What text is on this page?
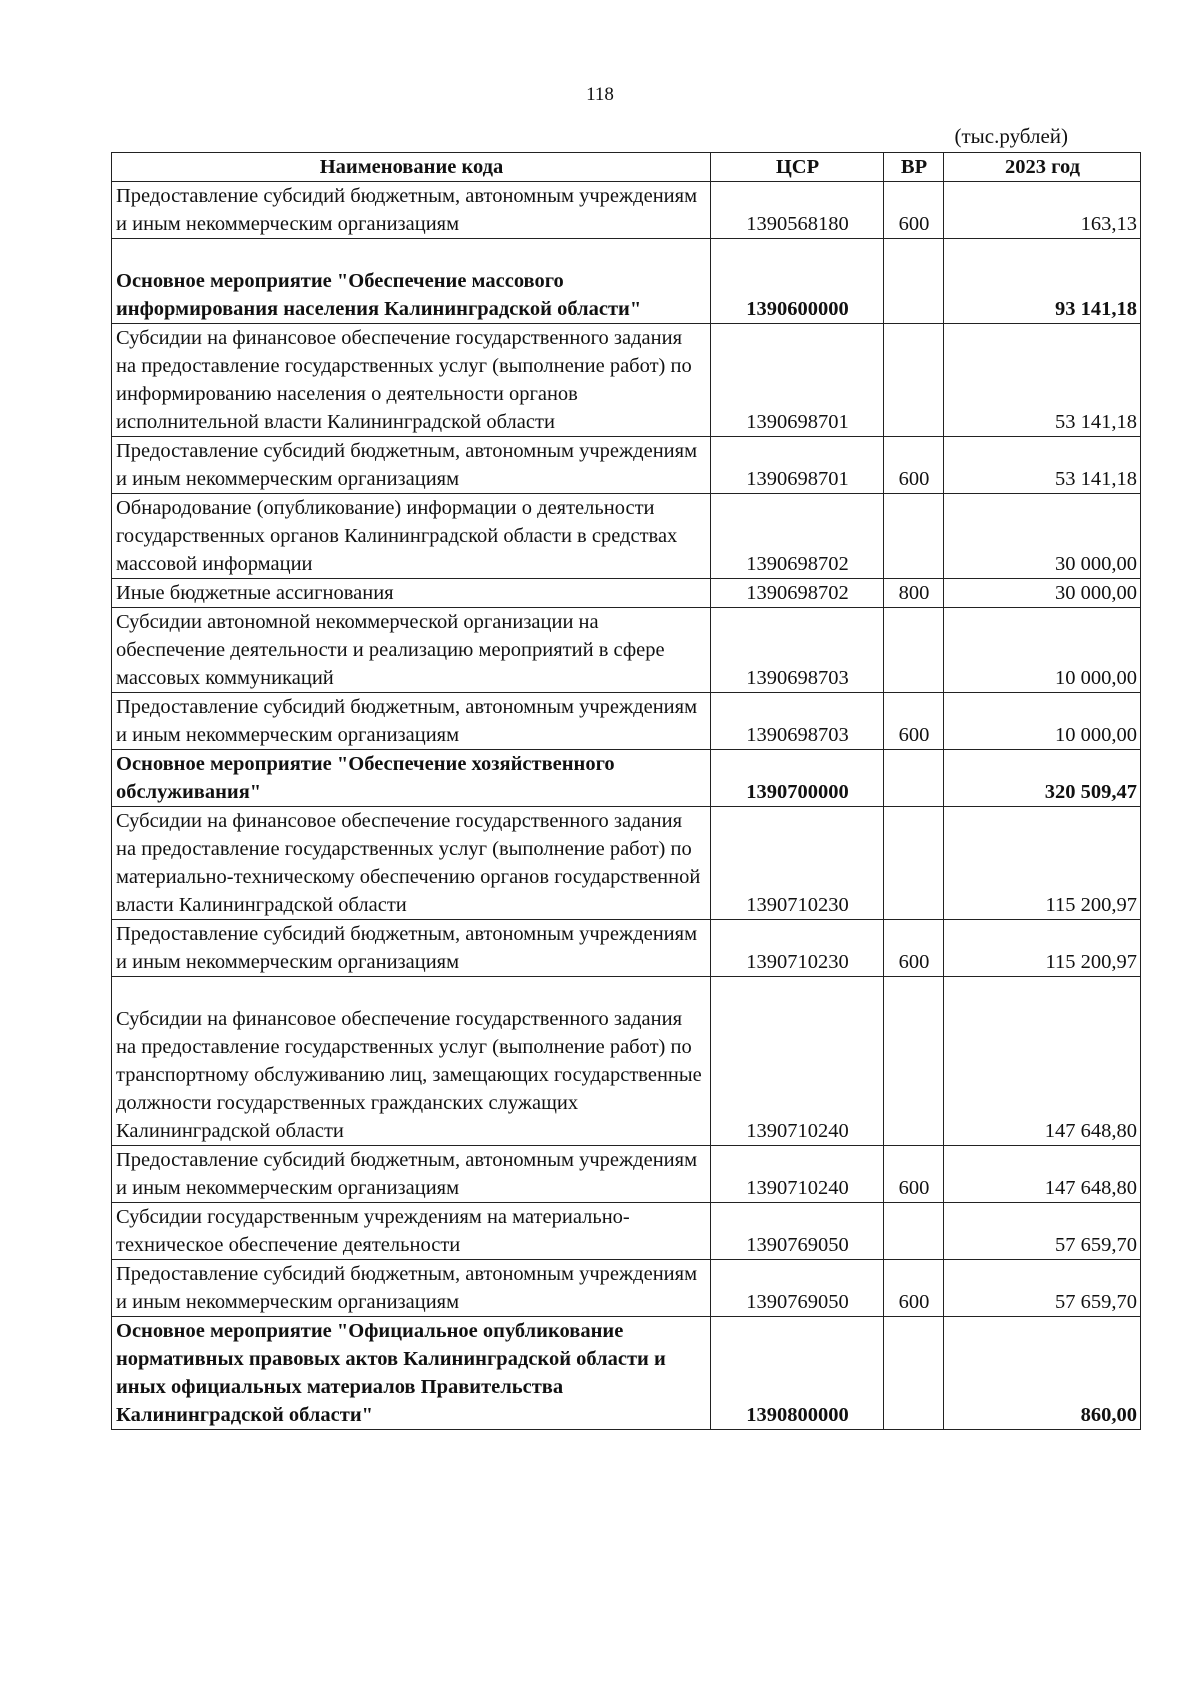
118
(тыс.рублей)
Наименование кода	ЦСР	ВР	2023 год
Предоставление субсидий бюджетным, автономным учреждениям и иным некоммерческим организациям	1390568180	600	163,13
Основное мероприятие "Обеспечение массового информирования населения Калининградской области"	1390600000		93 141,18
Субсидии на финансовое обеспечение государственного задания на предоставление государственных услуг (выполнение работ) по информированию населения о деятельности органов исполнительной власти Калининградской области	1390698701		53 141,18
Предоставление субсидий бюджетным, автономным учреждениям и иным некоммерческим организациям	1390698701	600	53 141,18
Обнародование (опубликование) информации о деятельности государственных органов Калининградской области в средствах массовой информации	1390698702		30 000,00
Иные бюджетные ассигнования	1390698702	800	30 000,00
Субсидии автономной некоммерческой организации на обеспечение деятельности и реализацию мероприятий в сфере массовых коммуникаций	1390698703		10 000,00
Предоставление субсидий бюджетным, автономным учреждениям и иным некоммерческим организациям	1390698703	600	10 000,00
Основное мероприятие "Обеспечение хозяйственного обслуживания"	1390700000		320 509,47
Субсидии на финансовое обеспечение государственного задания на предоставление государственных услуг (выполнение работ) по материально-техническому обеспечению органов государственной власти Калининградской области	1390710230		115 200,97
Предоставление субсидий бюджетным, автономным учреждениям и иным некоммерческим организациям	1390710230	600	115 200,97
Субсидии на финансовое обеспечение государственного задания на предоставление государственных услуг (выполнение работ) по транспортному обслуживанию лиц, замещающих государственные должности государственных гражданских служащих Калининградской области	1390710240		147 648,80
Предоставление субсидий бюджетным, автономным учреждениям и иным некоммерческим организациям	1390710240	600	147 648,80
Субсидии государственным учреждениям на материально-техническое обеспечение деятельности	1390769050		57 659,70
Предоставление субсидий бюджетным, автономным учреждениям и иным некоммерческим организациям	1390769050	600	57 659,70
Основное мероприятие "Официальное опубликование нормативных правовых актов Калининградской области и иных официальных материалов Правительства Калининградской области"	1390800000		860,00
